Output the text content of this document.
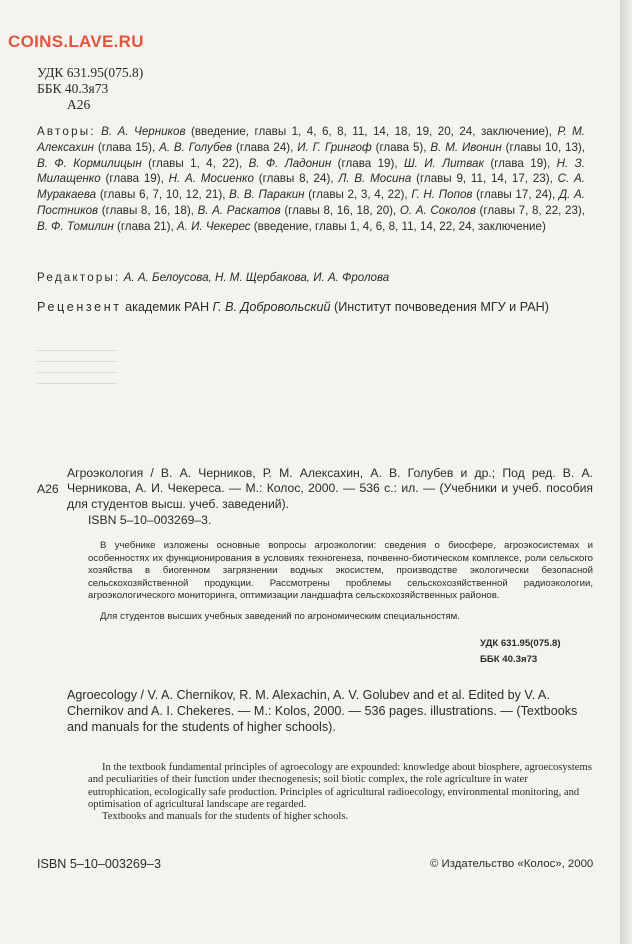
COINS.LAVE.RU
УДК 631.95(075.8)
ББК 40.3я73
А26
Авторы: В. А. Черников (введение, главы 1, 4, 6, 8, 11, 14, 18, 19, 20, 24, заключение), Р. М. Алексахин (глава 15), А. В. Голубев (глава 24), И. Г. Грингоф (глава 5), В. М. Ивонин (главы 10, 13), В. Ф. Кормилицын (главы 1, 4, 22), В. Ф. Ладонин (глава 19), Ш. И. Литвак (глава 19), Н. З. Милащенко (глава 19), Н. А. Мосиенко (главы 8, 24), Л. В. Мосина (главы 9, 11, 14, 17, 23), С. А. Муракаева (главы 6, 7, 10, 12, 21), В. В. Паракин (главы 2, 3, 4, 22), Г. Н. Попов (главы 17, 24), Д. А. Постников (главы 8, 16, 18), В. А. Раскатов (главы 8, 16, 18, 20), О. А. Соколов (главы 7, 8, 22, 23), В. Ф. Томилин (глава 21), А. И. Чекерес (введение, главы 1, 4, 6, 8, 11, 14, 22, 24, заключение)
Редакторы: А. А. Белоусова, Н. М. Щербакова, И. А. Фролова
Рецензент академик РАН Г. В. Добровольский (Институт почвоведения МГУ и РАН)
А26
Агроэкология / В. А. Черников, Р. М. Алексахин, А. В. Голубев и др.; Под ред. В. А. Черникова, А. И. Чекереса. — М.: Колос, 2000. — 536 с.: ил. — (Учебники и учеб. пособия для студентов высш. учеб. заведений).
ISBN 5–10–003269–3.
В учебнике изложены основные вопросы агроэкологии: сведения о биосфере, агроэкосистемах и особенностях их функционирования в условиях техногенеза, почвенно-биотическом комплексе, роли сельского хозяйства в биогенном загрязнении водных экосистем, производстве экологически безопасной сельскохозяйственной продукции. Рассмотрены проблемы сельскохозяйственной радиоэкологии, агроэкологического мониторинга, оптимизации ландшафта сельскохозяйственных районов.
Для студентов высших учебных заведений по агрономическим специальностям.
УДК 631.95(075.8)
ББК 40.3я73
Agroecology / V. A. Chernikov, R. M. Alexachin, A. V. Golubev and et al. Edited by V. A. Chernikov and A. I. Chekeres. — M.: Kolos, 2000. — 536 pages. illustrations. — (Textbooks and manuals for the students of higher schools).
In the textbook fundamental principles of agroecology are expounded: knowledge about biosphere, agroecosystems and peculiarities of their function under thecnogenesis; soil biotic complex, the role agriculture in water eutrophication, ecologically safe production. Principles of agricultural radioecology, environmental monitoring, and optimisation of agricultural landscape are regarded.
Textbooks and manuals for the students of higher schools.
ISBN 5–10–003269–3	© Издательство «Колос», 2000
